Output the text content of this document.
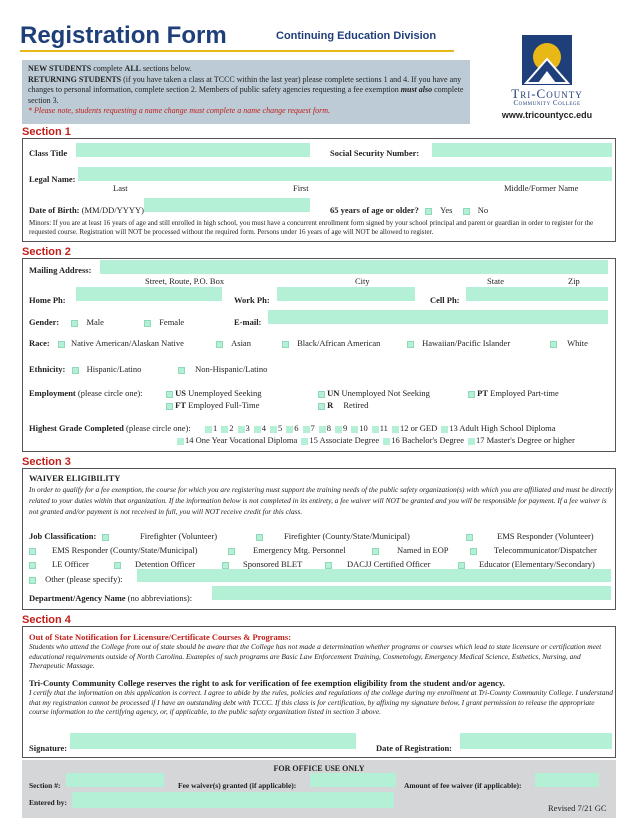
Registration Form	Continuing Education Division
Tri-County
Community College
www.tricountycc.edu
NEW STUDENTS complete ALL sections below.
RETURNING STUDENTS (if you have taken a class at TCCC within the last year) please complete sections 1 and 4. If you have any changes to personal information, complete section 2. Members of public safety agencies requesting a fee exemption must also complete section 3.
* Please note, students requesting a name change must complete a name change request form.
Section 1
Class Title	Social Security Number:
Legal Name:
Last	First	Middle/Former Name
Date of Birth: (MM/DD/YYYY)	65 years of age or older?	Yes	No
Minors: If you are at least 16 years of age and still enrolled in high school, you must have a concurrent enrollment form signed by your school principal and parent or guardian in order to register for the requested course. Registration will NOT be processed without the required form. Persons under 16 years of age will NOT be allowed to register.
Section 2
Mailing Address:
Street, Route, P.O. Box	City	State	Zip
Home Ph:	Work Ph:	Cell Ph:
Gender:	Male	Female	E-mail:
Race:	Native American/Alaskan Native	Asian	Black/African American	Hawaiian/Pacific Islander	White
Ethnicity:	Hispanic/Latino	Non-Hispanic/Latino
Employment (please circle one):	US Unemployed Seeking	UN Unemployed Not Seeking	PT Employed Part-time
FT Employed Full-Time	R Retired
Highest Grade Completed (please circle one):	1 2 3 4 5 6 7 8 9 10 11 12 or GED 13 Adult High School Diploma
14 One Year Vocational Diploma 15 Associate Degree 16 Bachelor's Degree 17 Master's Degree or higher
Section 3
WAIVER ELIGIBILITY
In order to qualify for a fee exemption, the course for which you are registering must support the training needs of the public safety organization(s) with which you are affiliated and must be directly related to your duties within that organization. If the information below is not completed in its entirety, a fee waiver will NOT be granted and you will be responsible for payment. If a fee waiver is not granted and/or payment is not received in full, you will NOT receive credit for this class.
Job Classification:	Firefighter (Volunteer)	Firefighter (County/State/Municipal)	EMS Responder (Volunteer)
EMS Responder (County/State/Municipal)	Emergency Mtg. Personnel	Named in EOP	Telecommunicator/Dispatcher
LE Officer	Detention Officer	Sponsored BLET	DACJJ Certified Officer	Educator (Elementary/Secondary)
Other (please specify):
Department/Agency Name (no abbreviations):
Section 4
Out of State Notification for Licensure/Certificate Courses & Programs:
Students who attend the College from out of state should be aware that the College has not made a determination whether programs or courses which lead to state licensure or certification meet educational requirements outside of North Carolina. Examples of such programs are Basic Law Enforcement Training, Cosmetology, Emergency Medical Science, Esthetics, Nursing, and Therapeutic Massage.
Tri-County Community College reserves the right to ask for verification of fee exemption eligibility from the student and/or agency.
I certify that the information on this application is correct. I agree to abide by the rules, policies and regulations of the college during my enrollment at Tri-County Community College. I understand that my registration cannot be processed if I have an outstanding debt with TCCC. If this class is for certification, by affixing my signature below, I grant permission to release the appropriate course information to the certifying agency, or, if applicable, to the public safety organization listed in section 3 above.
Signature:	Date of Registration:
FOR OFFICE USE ONLY
Section #:	Fee waiver(s) granted (if applicable):	Amount of fee waiver (if applicable):
Entered by:
Revised 7/21 GC
